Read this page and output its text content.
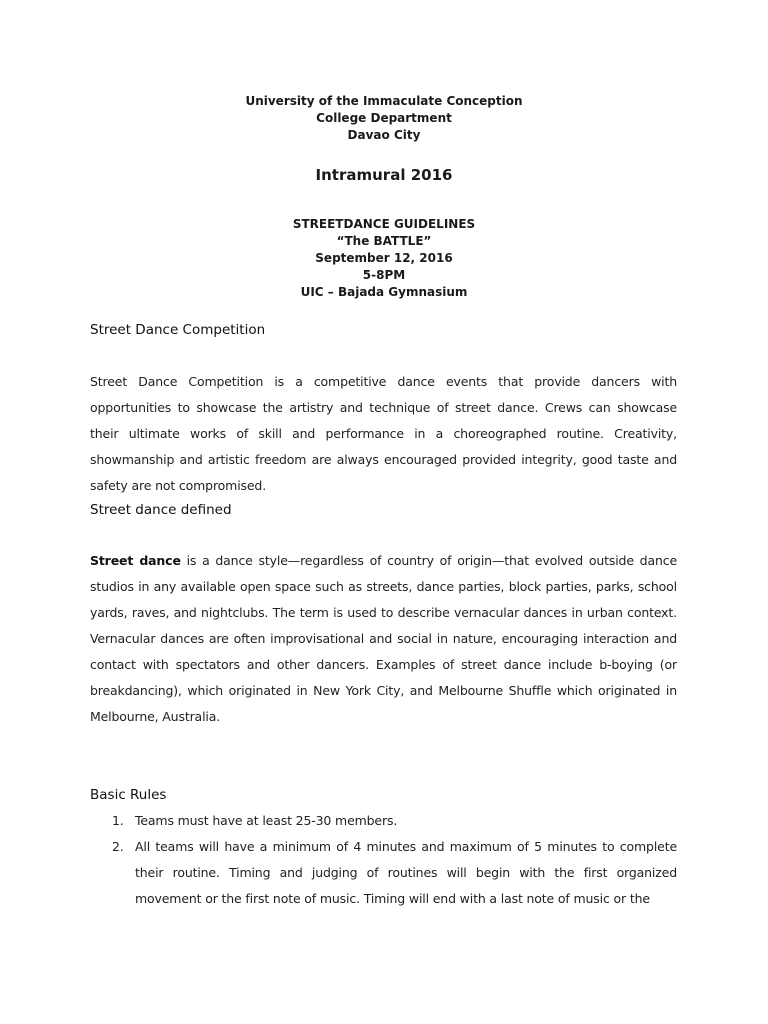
University of the Immaculate Conception
College Department
Davao City
Intramural 2016
STREETDANCE GUIDELINES
“The BATTLE”
September 12, 2016
5-8PM
UIC – Bajada Gymnasium
Street Dance Competition
Street Dance Competition is a competitive dance events that provide dancers with opportunities to showcase the artistry and technique of street dance. Crews can showcase their ultimate works of skill and performance in a choreographed routine. Creativity, showmanship and artistic freedom are always encouraged provided integrity, good taste and safety are not compromised.
Street dance defined
Street dance is a dance style—regardless of country of origin—that evolved outside dance studios in any available open space such as streets, dance parties, block parties, parks, school yards, raves, and nightclubs. The term is used to describe vernacular dances in urban context. Vernacular dances are often improvisational and social in nature, encouraging interaction and contact with spectators and other dancers. Examples of street dance include b-boying (or breakdancing), which originated in New York City, and Melbourne Shuffle which originated in Melbourne, Australia.
Basic Rules
1. Teams must have at least 25-30 members.
2. All teams will have a minimum of 4 minutes and maximum of 5 minutes to complete their routine. Timing and judging of routines will begin with the first organized movement or the first note of music. Timing will end with a last note of music or the
